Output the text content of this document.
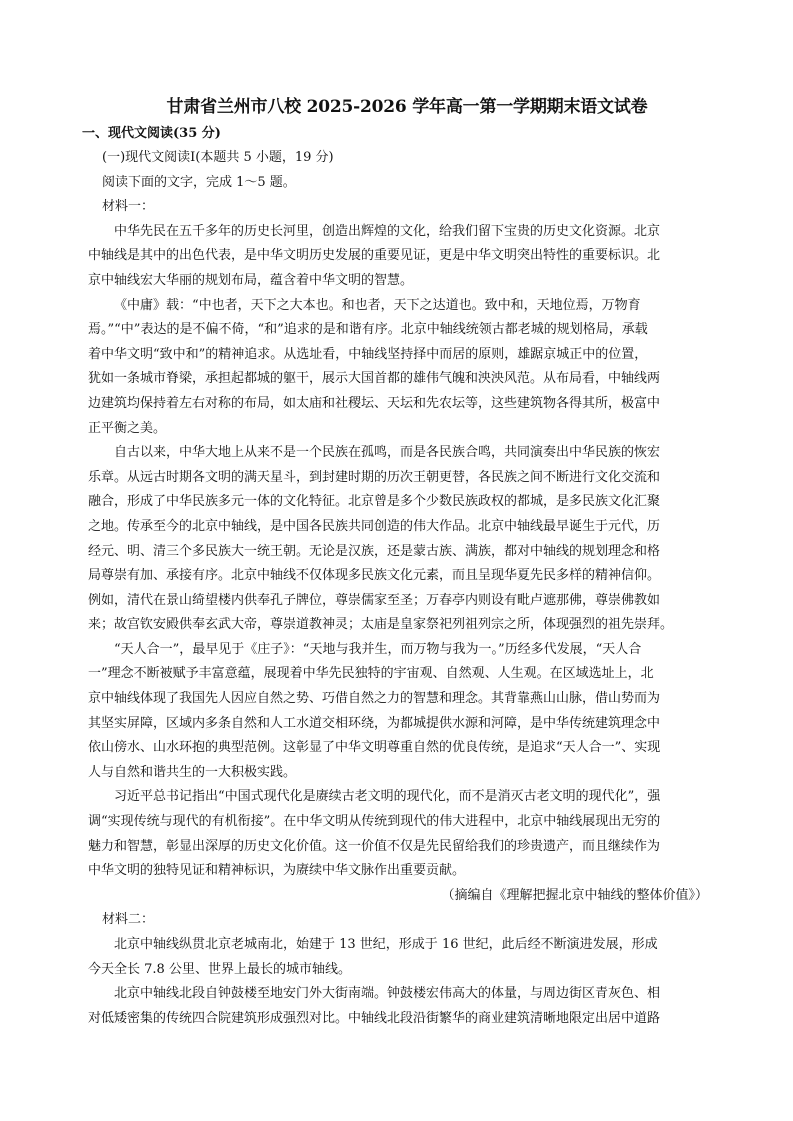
甘肃省兰州市八校 2025-2026 学年高一第一学期期末语文试卷
一、现代文阅读(35 分)
(一)现代文阅读Ⅰ(本题共 5 小题，19 分)
阅读下面的文字，完成 1～5 题。
材料一：
中华先民在五千多年的历史长河里，创造出辉煌的文化，给我们留下宝贵的历史文化资源。北京
中轴线是其中的出色代表，是中华文明历史发展的重要见证，更是中华文明突出特性的重要标识。北
京中轴线宏大华丽的规划布局，蕴含着中华文明的智慧。
《中庸》载：“中也者，天下之大本也。和也者，天下之达道也。致中和，天地位焉，万物育
焉。”“中”表达的是不偏不倚，“和”追求的是和谐有序。北京中轴线统领古都老城的规划格局，承载
着中华文明“致中和”的精神追求。从选址看，中轴线坚持择中而居的原则，雄踞京城正中的位置，
犹如一条城市脊梁，承担起都城的躯干，展示大国首都的雄伟气魄和泱泱风范。从布局看，中轴线两
边建筑均保持着左右对称的布局，如太庙和社稷坛、天坛和先农坛等，这些建筑物各得其所，极富中
正平衡之美。
自古以来，中华大地上从来不是一个民族在孤鸣，而是各民族合鸣，共同演奏出中华民族的恢宏
乐章。从远古时期各文明的满天星斗，到封建时期的历次王朝更替，各民族之间不断进行文化交流和
融合，形成了中华民族多元一体的文化特征。北京曾是多个少数民族政权的都城，是多民族文化汇聚
之地。传承至今的北京中轴线，是中国各民族共同创造的伟大作品。北京中轴线最早诞生于元代，历
经元、明、清三个多民族大一统王朝。无论是汉族，还是蒙古族、满族，都对中轴线的规划理念和格
局尊崇有加、承接有序。北京中轴线不仅体现多民族文化元素，而且呈现华夏先民多样的精神信仰。
例如，清代在景山绮望楼内供奉孔子牌位，尊崇儒家至圣；万春亭内则设有毗卢遮那佛，尊崇佛教如
来；故宫钦安殿供奉玄武大帝，尊崇道教神灵；太庙是皇家祭祀列祖列宗之所，体现强烈的祖先崇拜。
“天人合一”，最早见于《庄子》：“天地与我并生，而万物与我为一。”历经多代发展，“天人合
一”理念不断被赋予丰富意蕴，展现着中华先民独特的宇宙观、自然观、人生观。在区域选址上，北
京中轴线体现了我国先人因应自然之势、巧借自然之力的智慧和理念。其背靠燕山山脉，借山势而为
其坚实屏障，区域内多条自然和人工水道交相环绕，为都城提供水源和河障，是中华传统建筑理念中
依山傍水、山水环抱的典型范例。这彰显了中华文明尊重自然的优良传统，是追求“天人合一”、实现
人与自然和谐共生的一大积极实践。
习近平总书记指出“中国式现代化是赓续古老文明的现代化，而不是消灭古老文明的现代化”，强
调“实现传统与现代的有机衔接”。在中华文明从传统到现代的伟大进程中，北京中轴线展现出无穷的
魅力和智慧，彰显出深厚的历史文化价值。这一价值不仅是先民留给我们的珍贵遗产，而且继续作为
中华文明的独特见证和精神标识，为赓续中华文脉作出重要贡献。
（摘编自《理解把握北京中轴线的整体价值》）
材料二：
北京中轴线纵贯北京老城南北，始建于 13 世纪，形成于 16 世纪，此后经不断演进发展，形成
今天全长 7.8 公里、世界上最长的城市轴线。
北京中轴线北段自钟鼓楼至地安门外大街南端。钟鼓楼宏伟高大的体量，与周边街区青灰色、相
对低矮密集的传统四合院建筑形成强烈对比。中轴线北段沿街繁华的商业建筑清晰地限定出居中道路
